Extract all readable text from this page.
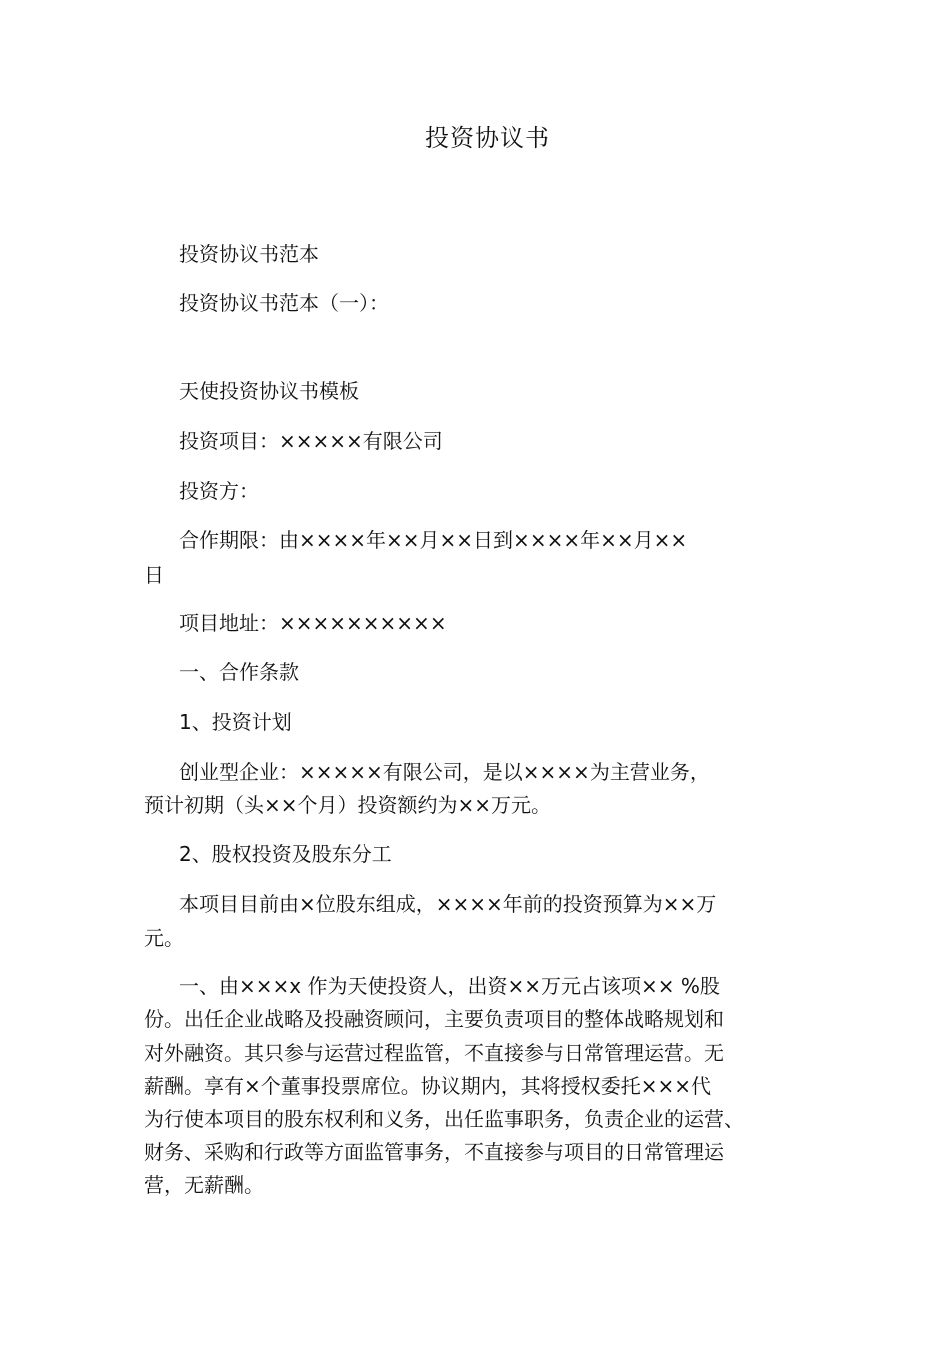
投资协议书
投资协议书范本
投资协议书范本（一）：
天使投资协议书模板
投资项目：×××××有限公司
投资方：
合作期限：由××××年××月××日到××××年××月××
日
项目地址：××××××××××
一、合作条款
1、投资计划
创业型企业：×××××有限公司，是以××××为主营业务，
预计初期（头××个月）投资额约为××万元。
2、股权投资及股东分工
本项目目前由×位股东组成，××××年前的投资预算为××万
元。
一、由×××x 作为天使投资人，出资××万元占该项×× %股
份。出任企业战略及投融资顾问，主要负责项目的整体战略规划和
对外融资。其只参与运营过程监管，不直接参与日常管理运营。无
薪酬。享有×个董事投票席位。协议期内，其将授权委托×××代
为行使本项目的股东权利和义务，出任监事职务，负责企业的运营、
财务、采购和行政等方面监管事务，不直接参与项目的日常管理运
营，无薪酬。
